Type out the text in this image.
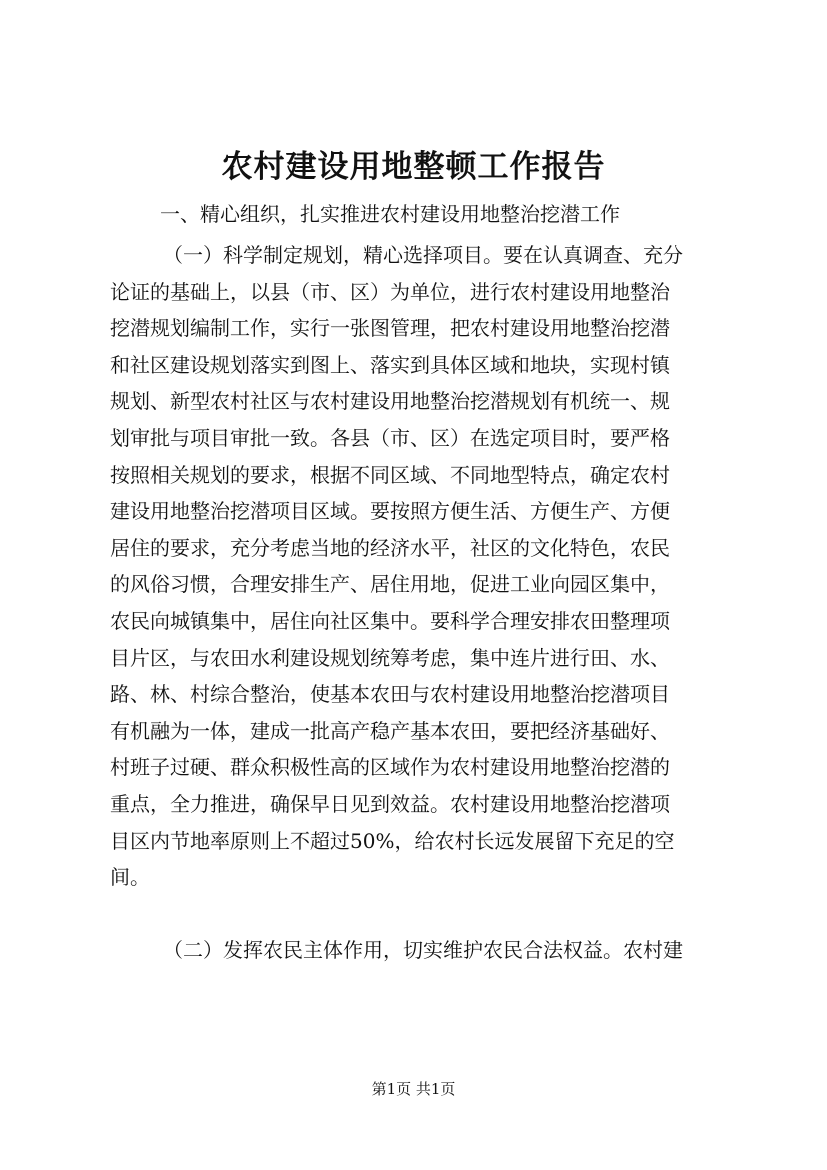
农村建设用地整顿工作报告

一、精心组织，扎实推进农村建设用地整治挖潜工作

（一）科学制定规划，精心选择项目。要在认真调查、充分
论证的基础上，以县（市、区）为单位，进行农村建设用地整治
挖潜规划编制工作，实行一张图管理，把农村建设用地整治挖潜
和社区建设规划落实到图上、落实到具体区域和地块，实现村镇
规划、新型农村社区与农村建设用地整治挖潜规划有机统一、规
划审批与项目审批一致。各县（市、区）在选定项目时，要严格
按照相关规划的要求，根据不同区域、不同地型特点，确定农村
建设用地整治挖潜项目区域。要按照方便生活、方便生产、方便
居住的要求，充分考虑当地的经济水平，社区的文化特色，农民
的风俗习惯，合理安排生产、居住用地，促进工业向园区集中，
农民向城镇集中，居住向社区集中。要科学合理安排农田整理项
目片区，与农田水利建设规划统筹考虑，集中连片进行田、水、
路、林、村综合整治，使基本农田与农村建设用地整治挖潜项目
有机融为一体，建成一批高产稳产基本农田，要把经济基础好、
村班子过硬、群众积极性高的区域作为农村建设用地整治挖潜的
重点，全力推进，确保早日见到效益。农村建设用地整治挖潜项
目区内节地率原则上不超过50%，给农村长远发展留下充足的空
间。
（二）发挥农民主体作用，切实维护农民合法权益。农村建

第1页 共1页
